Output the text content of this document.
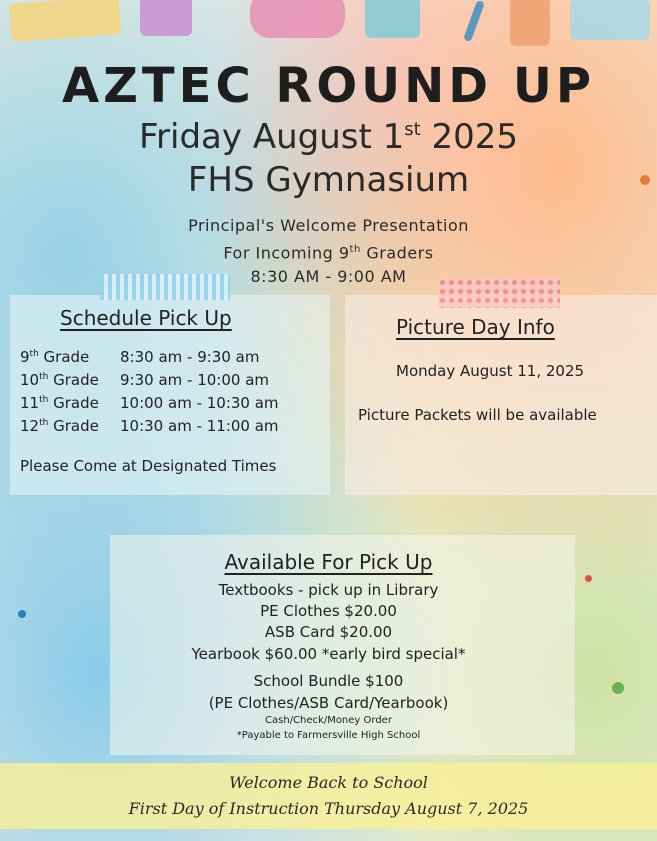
AZTEC ROUND UP
Friday August 1st 2025
FHS Gymnasium
Principal's Welcome Presentation
For Incoming 9th Graders
8:30 AM - 9:00 AM
Schedule Pick Up
9th Grade 8:30 am - 9:30 am
10th Grade 9:30 am - 10:00 am
11th Grade 10:00 am - 10:30 am
12th Grade 10:30 am - 11:00 am
Please Come at Designated Times
Picture Day Info
Monday August 11, 2025
Picture Packets will be available
Available For Pick Up
Textbooks - pick up in Library
PE Clothes $20.00
ASB Card $20.00
Yearbook $60.00 *early bird special*
School Bundle $100
(PE Clothes/ASB Card/Yearbook)
Cash/Check/Money Order
*Payable to Farmersville High School
Welcome Back to School
First Day of Instruction Thursday August 7, 2025
